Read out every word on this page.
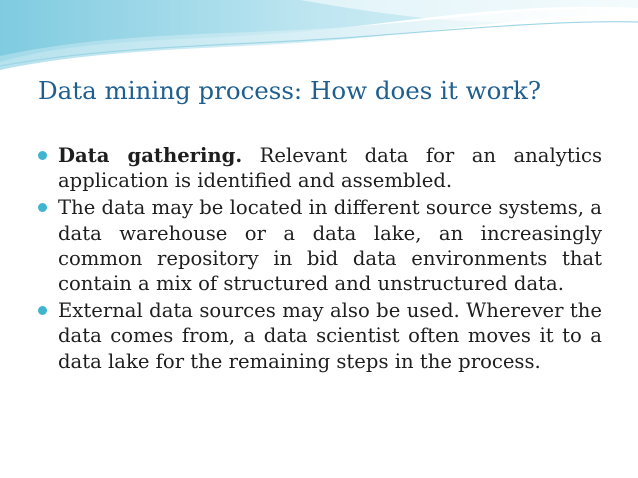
Data mining process: How does it work?
Data gathering. Relevant data for an analytics application is identified and assembled.
The data may be located in different source systems, a data warehouse or a data lake, an increasingly common repository in bid data environments that contain a mix of structured and unstructured data.
External data sources may also be used. Wherever the data comes from, a data scientist often moves it to a data lake for the remaining steps in the process.
